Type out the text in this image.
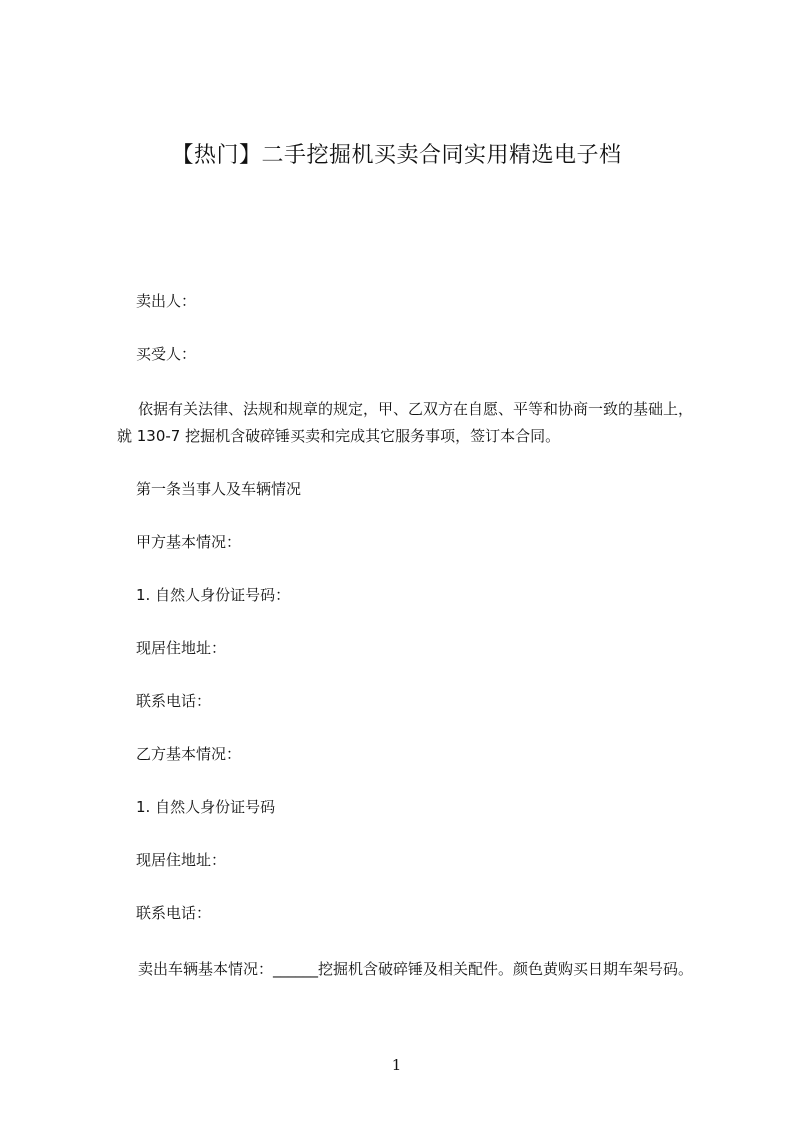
【热门】二手挖掘机买卖合同实用精选电子档
卖出人：
买受人：
依据有关法律、法规和规章的规定，甲、乙双方在自愿、平等和协商一致的基础上，就 130-7 挖掘机含破碎锤买卖和完成其它服务事项，签订本合同。
第一条当事人及车辆情况
甲方基本情况：
1. 自然人身份证号码：
现居住地址：
联系电话：
乙方基本情况：
1. 自然人身份证号码
现居住地址：
联系电话：
卖出车辆基本情况：______挖掘机含破碎锤及相关配件。颜色黄购买日期车架号码。
1
